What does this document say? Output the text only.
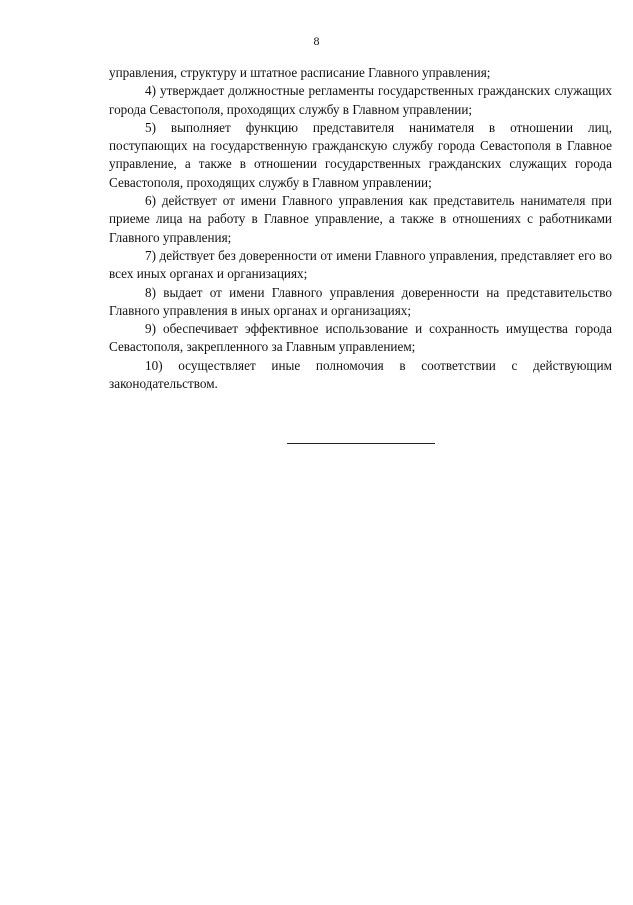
8

управления, структуру и штатное расписание Главного управления;

4) утверждает должностные регламенты государственных гражданских служащих города Севастополя, проходящих службу в Главном управлении;

5) выполняет функцию представителя нанимателя в отношении лиц, поступающих на государственную гражданскую службу города Севастополя в Главное управление, а также в отношении государственных гражданских служащих города Севастополя, проходящих службу в Главном управлении;

6) действует от имени Главного управления как представитель нанимателя при приеме лица на работу в Главное управление, а также в отношениях с работниками Главного управления;

7) действует без доверенности от имени Главного управления, представляет его во всех иных органах и организациях;

8) выдает от имени Главного управления доверенности на представительство Главного управления в иных органах и организациях;

9) обеспечивает эффективное использование и сохранность имущества города Севастополя, закрепленного за Главным управлением;

10) осуществляет иные полномочия в соответствии с действующим законодательством.
